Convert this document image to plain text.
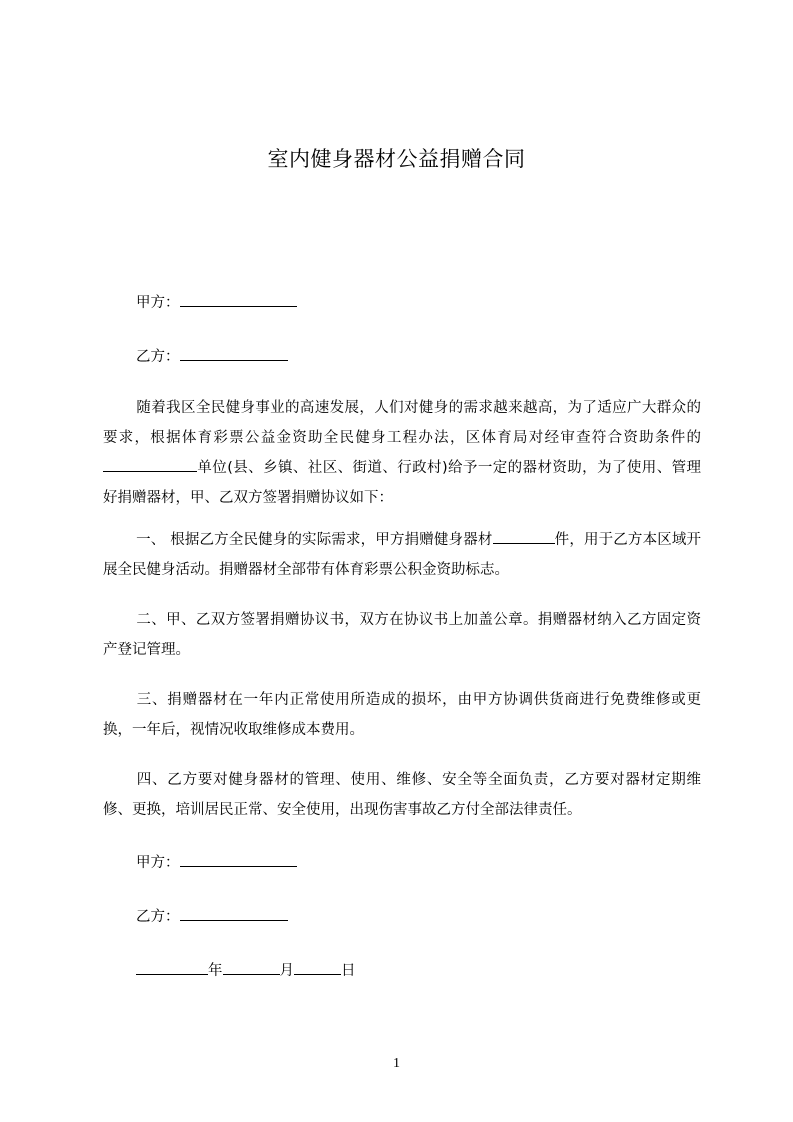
室内健身器材公益捐赠合同
甲方：
乙方：
随着我区全民健身事业的高速发展，人们对健身的需求越来越高，为了适应广大群众的要求，根据体育彩票公益金资助全民健身工程办法，区体育局对经审查符合资助条件的单位(县、乡镇、社区、街道、行政村)给予一定的器材资助，为了使用、管理好捐赠器材，甲、乙双方签署捐赠协议如下：
一、 根据乙方全民健身的实际需求，甲方捐赠健身器材	件，用于乙方本区域开展全民健身活动。捐赠器材全部带有体育彩票公积金资助标志。
二、甲、乙双方签署捐赠协议书，双方在协议书上加盖公章。捐赠器材纳入乙方固定资产登记管理。
三、捐赠器材在一年内正常使用所造成的损坏，由甲方协调供货商进行免费维修或更换，一年后，视情况收取维修成本费用。
四、乙方要对健身器材的管理、使用、维修、安全等全面负责，乙方要对器材定期维修、更换，培训居民正常、安全使用，出现伤害事故乙方付全部法律责任。
甲方：
乙方：
年	月	日
1
